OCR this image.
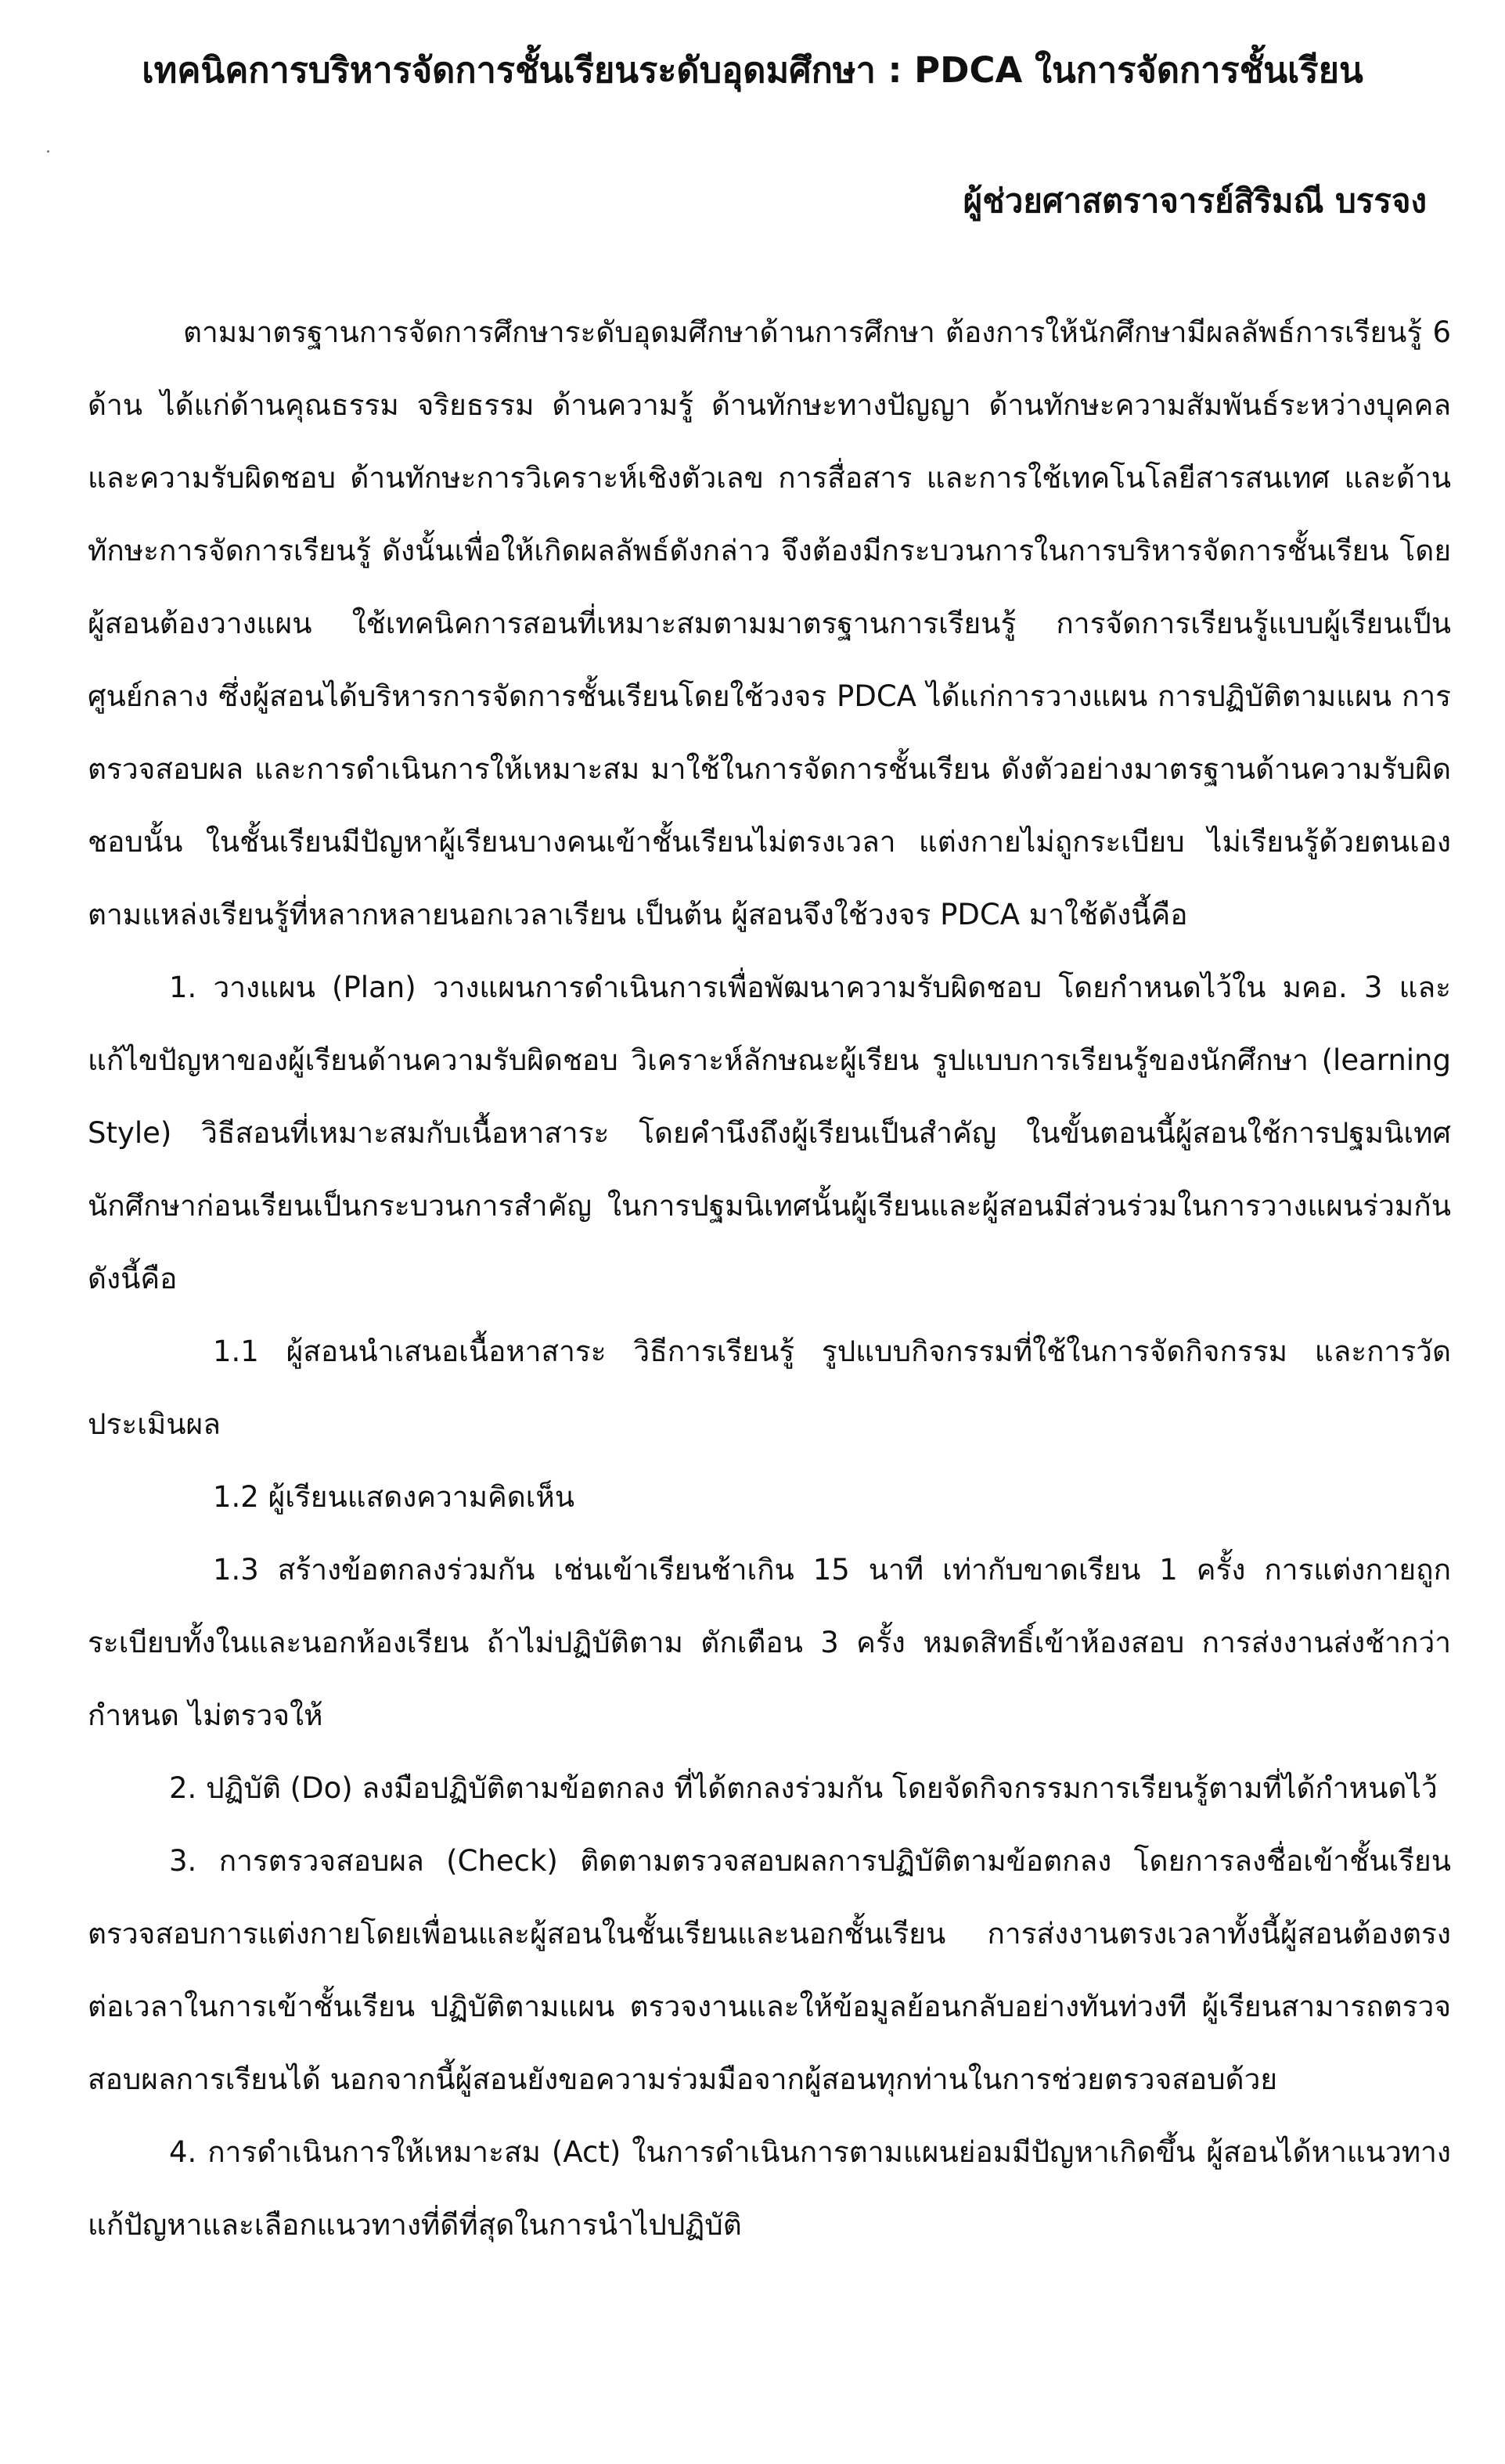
เทคนิคการบริหารจัดการชั้นเรียนระดับอุดมศึกษา : PDCA ในการจัดการชั้นเรียน
ผู้ช่วยศาสตราจารย์สิริมณี บรรจง

ตามมาตรฐานการจัดการศึกษาระดับอุดมศึกษาด้านการศึกษา ต้องการให้นักศึกษามีผลลัพธ์การเรียนรู้ 6 ด้าน ได้แก่ด้านคุณธรรม จริยธรรม ด้านความรู้ ด้านทักษะทางปัญญา ด้านทักษะความสัมพันธ์ระหว่างบุคคลและความรับผิดชอบ ด้านทักษะการวิเคราะห์เชิงตัวเลข การสื่อสาร และการใช้เทคโนโลยีสารสนเทศ และด้านทักษะการจัดการเรียนรู้ ดังนั้นเพื่อให้เกิดผลลัพธ์ดังกล่าว จึงต้องมีกระบวนการในการบริหารจัดการชั้นเรียน โดยผู้สอนต้องวางแผน ใช้เทคนิคการสอนที่เหมาะสมตามมาตรฐานการเรียนรู้ การจัดการเรียนรู้แบบผู้เรียนเป็นศูนย์กลาง ซึ่งผู้สอนได้บริหารการจัดการชั้นเรียนโดยใช้วงจร PDCA ได้แก่การวางแผน การปฏิบัติตามแผน การตรวจสอบผล และการดำเนินการให้เหมาะสม มาใช้ในการจัดการชั้นเรียน ดังตัวอย่างมาตรฐานด้านความรับผิดชอบนั้น ในชั้นเรียนมีปัญหาผู้เรียนบางคนเข้าชั้นเรียนไม่ตรงเวลา แต่งกายไม่ถูกระเบียบ ไม่เรียนรู้ด้วยตนเองตามแหล่งเรียนรู้ที่หลากหลายนอกเวลาเรียน เป็นต้น ผู้สอนจึงใช้วงจร PDCA มาใช้ดังนี้คือ

1. วางแผน (Plan) วางแผนการดำเนินการเพื่อพัฒนาความรับผิดชอบ โดยกำหนดไว้ใน มคอ. 3 และแก้ไขปัญหาของผู้เรียนด้านความรับผิดชอบ วิเคราะห์ลักษณะผู้เรียน รูปแบบการเรียนรู้ของนักศึกษา (learning Style) วิธีสอนที่เหมาะสมกับเนื้อหาสาระ โดยคำนึงถึงผู้เรียนเป็นสำคัญ ในขั้นตอนนี้ผู้สอนใช้การปฐมนิเทศนักศึกษาก่อนเรียนเป็นกระบวนการสำคัญ ในการปฐมนิเทศนั้นผู้เรียนและผู้สอนมีส่วนร่วมในการวางแผนร่วมกัน ดังนี้คือ

1.1 ผู้สอนนำเสนอเนื้อหาสาระ วิธีการเรียนรู้ รูปแบบกิจกรรมที่ใช้ในการจัดกิจกรรม และการวัดประเมินผล

1.2 ผู้เรียนแสดงความคิดเห็น

1.3 สร้างข้อตกลงร่วมกัน เช่นเข้าเรียนช้าเกิน 15 นาที เท่ากับขาดเรียน 1 ครั้ง การแต่งกายถูกระเบียบทั้งในและนอกห้องเรียน ถ้าไม่ปฏิบัติตาม ตักเตือน 3 ครั้ง หมดสิทธิ์เข้าห้องสอบ การส่งงานส่งช้ากว่ากำหนด ไม่ตรวจให้

2. ปฏิบัติ (Do) ลงมือปฏิบัติตามข้อตกลง ที่ได้ตกลงร่วมกัน โดยจัดกิจกรรมการเรียนรู้ตามที่ได้กำหนดไว้

3. การตรวจสอบผล (Check) ติดตามตรวจสอบผลการปฏิบัติตามข้อตกลง โดยการลงชื่อเข้าชั้นเรียน ตรวจสอบการแต่งกายโดยเพื่อนและผู้สอนในชั้นเรียนและนอกชั้นเรียน การส่งงานตรงเวลาทั้งนี้ผู้สอนต้องตรงต่อเวลาในการเข้าชั้นเรียน ปฏิบัติตามแผน ตรวจงานและให้ข้อมูลย้อนกลับอย่างทันท่วงที ผู้เรียนสามารถตรวจสอบผลการเรียนได้ นอกจากนี้ผู้สอนยังขอความร่วมมือจากผู้สอนทุกท่านในการช่วยตรวจสอบด้วย

4. การดำเนินการให้เหมาะสม (Act) ในการดำเนินการตามแผนย่อมมีปัญหาเกิดขึ้น ผู้สอนได้หาแนวทางแก้ปัญหาและเลือกแนวทางที่ดีที่สุดในการนำไปปฏิบัติ
